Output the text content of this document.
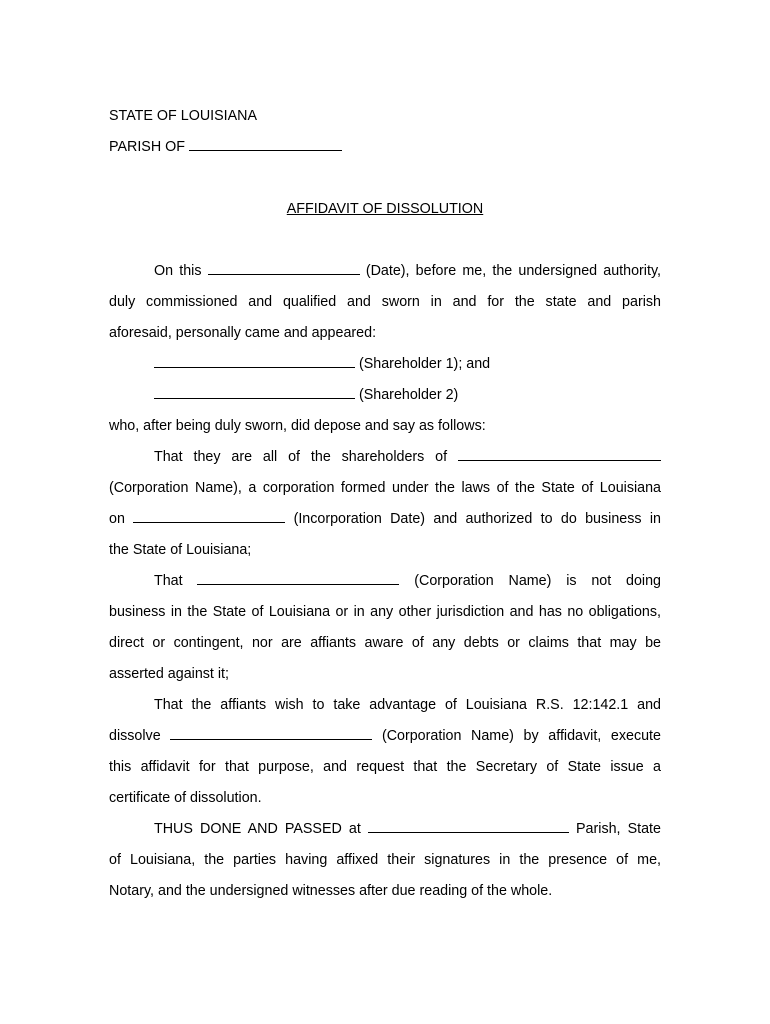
STATE OF LOUISIANA
PARISH OF
AFFIDAVIT OF DISSOLUTION
On this	(Date), before me, the undersigned authority,
duly commissioned and qualified and sworn in and for the state and parish
aforesaid, personally came and appeared:
(Shareholder 1); and
(Shareholder 2)
who, after being duly sworn, did depose and say as follows:
That they are all of the shareholders of
(Corporation Name), a corporation formed under the laws of the State of Louisiana
on	(Incorporation Date) and authorized to do business in
the State of Louisiana;
That	(Corporation Name) is not doing
business in the State of Louisiana or in any other jurisdiction and has no obligations,
direct or contingent, nor are affiants aware of any debts or claims that may be
asserted against it;
That the affiants wish to take advantage of Louisiana R.S. 12:142.1 and
dissolve	(Corporation Name) by affidavit, execute
this affidavit for that purpose, and request that the Secretary of State issue a
certificate of dissolution.
THUS DONE AND PASSED at	Parish, State
of Louisiana, the parties having affixed their signatures in the presence of me,
Notary, and the undersigned witnesses after due reading of the whole.
